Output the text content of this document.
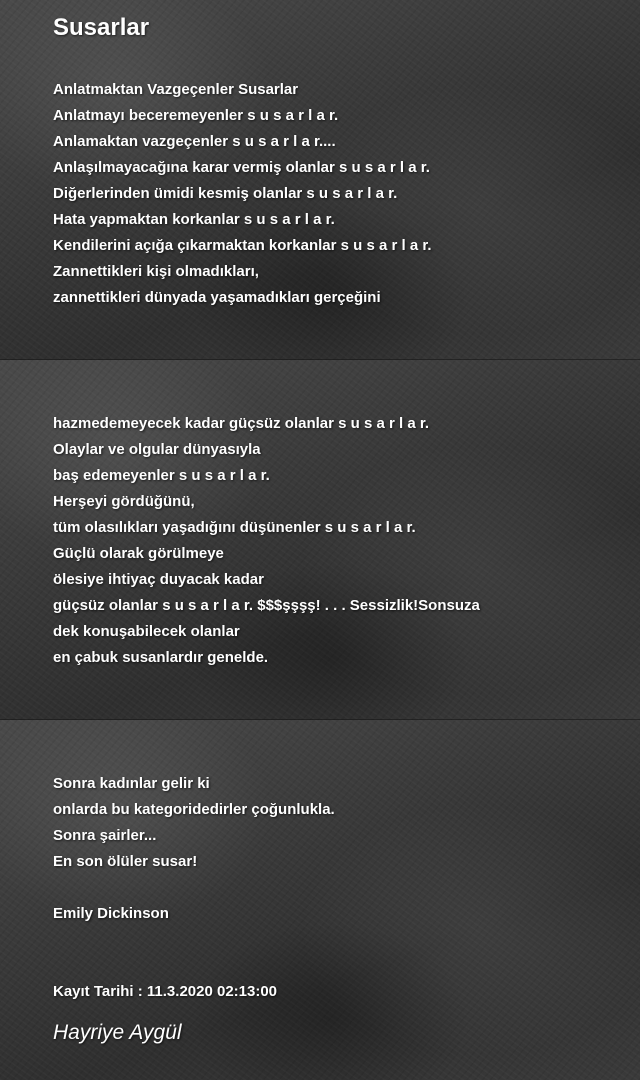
Susarlar
Anlatmaktan Vazgeçenler Susarlar
Anlatmayı beceremeyenler s u s a r l a r.
Anlamaktan vazgeçenler s u s a r l a r....
Anlaşılmayacağına karar vermiş olanlar s u s a r l a r.
Diğerlerinden ümidi kesmiş olanlar s u s a r l a r.
Hata yapmaktan korkanlar s u s a r l a r.
Kendilerini açığa çıkarmaktan korkanlar s u s a r l a r.
Zannettikleri kişi olmadıkları,
zannettikleri dünyada yaşamadıkları gerçeğini
hazmedemeyecek kadar güçsüz olanlar s u s a r l a r.
Olaylar ve olgular dünyasıyla
baş edemeyenler s u s a r l a r.
Herşeyi gördüğünü,
tüm olasılıkları yaşadığını düşünenler s u s a r l a r.
Güçlü olarak görülmeye
ölesiye ihtiyaç duyacak kadar
güçsüz olanlar s u s a r l a r. $$$şşşş! . . . Sessizlik!Sonsuza
dek konuşabilecek olanlar
en çabuk susanlardır genelde.
Sonra kadınlar gelir ki
onlarda bu kategoridedirler çoğunlukla.
Sonra şairler...
En son ölüler susar!
Emily Dickinson
Kayıt Tarihi : 11.3.2020 02:13:00
Hayriye Aygül
